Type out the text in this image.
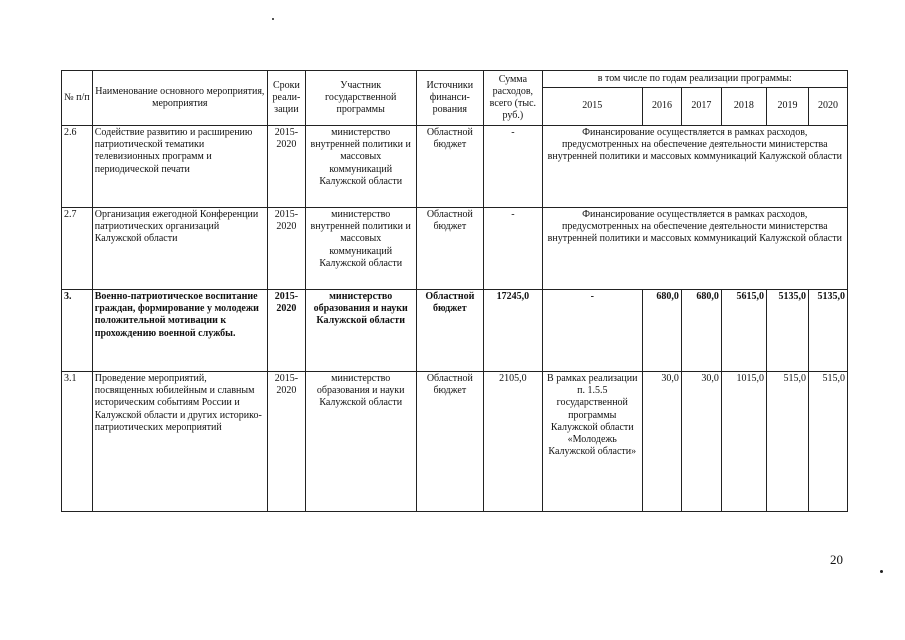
№ п/п	Наименование основного мероприятия, мероприятия	Сроки реали-зации	Участник государственной программы	Источники финанси-рования	Сумма расходов, всего (тыс. руб.)	в том числе по годам реализации программы:					
						2015	2016	2017	2018	2019	2020
2.6	Содействие развитию и расширению патриотической тематики телевизионных программ и периодической печати	2015-2020	министерство внутренней политики и массовых коммуникаций Калужской области	Областной бюджет	-	Финансирование осуществляется в рамках расходов, предусмотренных на обеспечение деятельности министерства внутренней политики и массовых коммуникаций Калужской области					
2.7	Организация ежегодной Конференции патриотических организаций Калужской области	2015-2020	министерство внутренней политики и массовых коммуникаций Калужской области	Областной бюджет	-	Финансирование осуществляется в рамках расходов, предусмотренных на обеспечение деятельности министерства внутренней политики и массовых коммуникаций Калужской области					
3.	Военно-патриотическое воспитание граждан, формирование у молодежи положительной мотивации к прохождению военной службы.	2015-2020	министерство образования и науки Калужской области	Областной бюджет	17245,0	-	680,0	680,0	5615,0	5135,0	5135,0
3.1	Проведение мероприятий, посвященных юбилейным и славным историческим событиям России и Калужской области и других историко-патриотических мероприятий	2015-2020	министерство образования и науки Калужской области	Областной бюджет	2105,0	В рамках реализации п. 1.5.5 государственной программы Калужской области «Молодежь Калужской области»	30,0	30,0	1015,0	515,0	515,0
20
